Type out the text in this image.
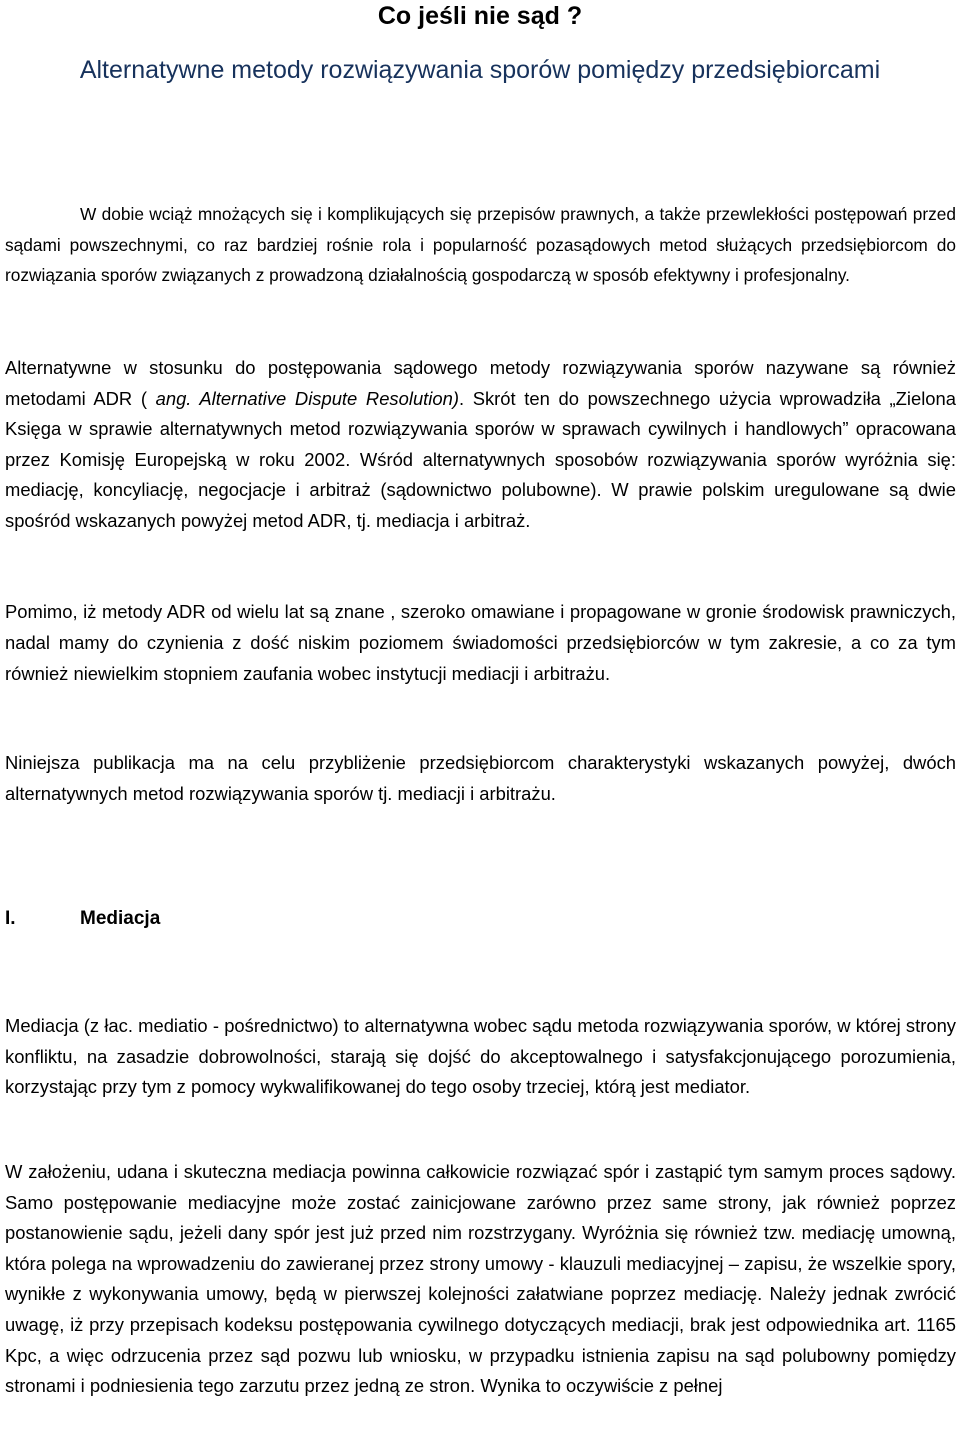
Co jeśli nie sąd ?
Alternatywne metody rozwiązywania sporów pomiędzy przedsiębiorcami

W dobie wciąż mnożących się i komplikujących się przepisów prawnych, a także przewlekłości postępowań przed sądami powszechnymi, co raz bardziej rośnie rola i popularność pozasądowych metod służących przedsiębiorcom do rozwiązania sporów związanych z prowadzoną działalnością gospodarczą w sposób efektywny i profesjonalny.

Alternatywne w stosunku do postępowania sądowego metody rozwiązywania sporów nazywane są również metodami ADR ( ang. Alternative Dispute Resolution). Skrót ten do powszechnego użycia wprowadziła „Zielona Księga w sprawie alternatywnych metod rozwiązywania sporów w sprawach cywilnych i handlowych” opracowana przez Komisję Europejską w roku 2002. Wśród alternatywnych sposobów rozwiązywania sporów wyróżnia się: mediację, koncyliację, negocjacje i arbitraż (sądownictwo polubowne). W prawie polskim uregulowane są dwie spośród wskazanych powyżej metod ADR, tj. mediacja i arbitraż.

Pomimo, iż metody ADR od wielu lat są znane , szeroko omawiane i propagowane w gronie środowisk prawniczych, nadal mamy do czynienia z dość niskim poziomem świadomości przedsiębiorców w tym zakresie, a co za tym również niewielkim stopniem zaufania wobec instytucji mediacji i arbitrażu.

Niniejsza publikacja ma na celu przybliżenie przedsiębiorcom charakterystyki wskazanych powyżej, dwóch alternatywnych metod rozwiązywania sporów tj. mediacji i arbitrażu.

I.	Mediacja

Mediacja (z łac. mediatio - pośrednictwo) to alternatywna wobec sądu metoda rozwiązywania sporów, w której strony konfliktu, na zasadzie dobrowolności, starają się dojść do akceptowalnego i satysfakcjonującego porozumienia, korzystając przy tym z pomocy wykwalifikowanej do tego osoby trzeciej, którą jest mediator.

W założeniu, udana i skuteczna mediacja powinna całkowicie rozwiązać spór i zastąpić tym samym proces sądowy. Samo postępowanie mediacyjne może zostać zainicjowane zarówno przez same strony, jak również poprzez postanowienie sądu, jeżeli dany spór jest już przed nim rozstrzygany. Wyróżnia się również tzw. mediację umowną, która polega na wprowadzeniu do zawieranej przez strony umowy - klauzuli mediacyjnej – zapisu, że wszelkie spory, wynikłe z wykonywania umowy, będą w pierwszej kolejności załatwiane poprzez mediację. Należy jednak zwrócić uwagę, iż przy przepisach kodeksu postępowania cywilnego dotyczących mediacji, brak jest odpowiednika art. 1165 Kpc, a więc odrzucenia przez sąd pozwu lub wniosku, w przypadku istnienia zapisu na sąd polubowny pomiędzy stronami i podniesienia tego zarzutu przez jedną ze stron. Wynika to oczywiście z pełnej
